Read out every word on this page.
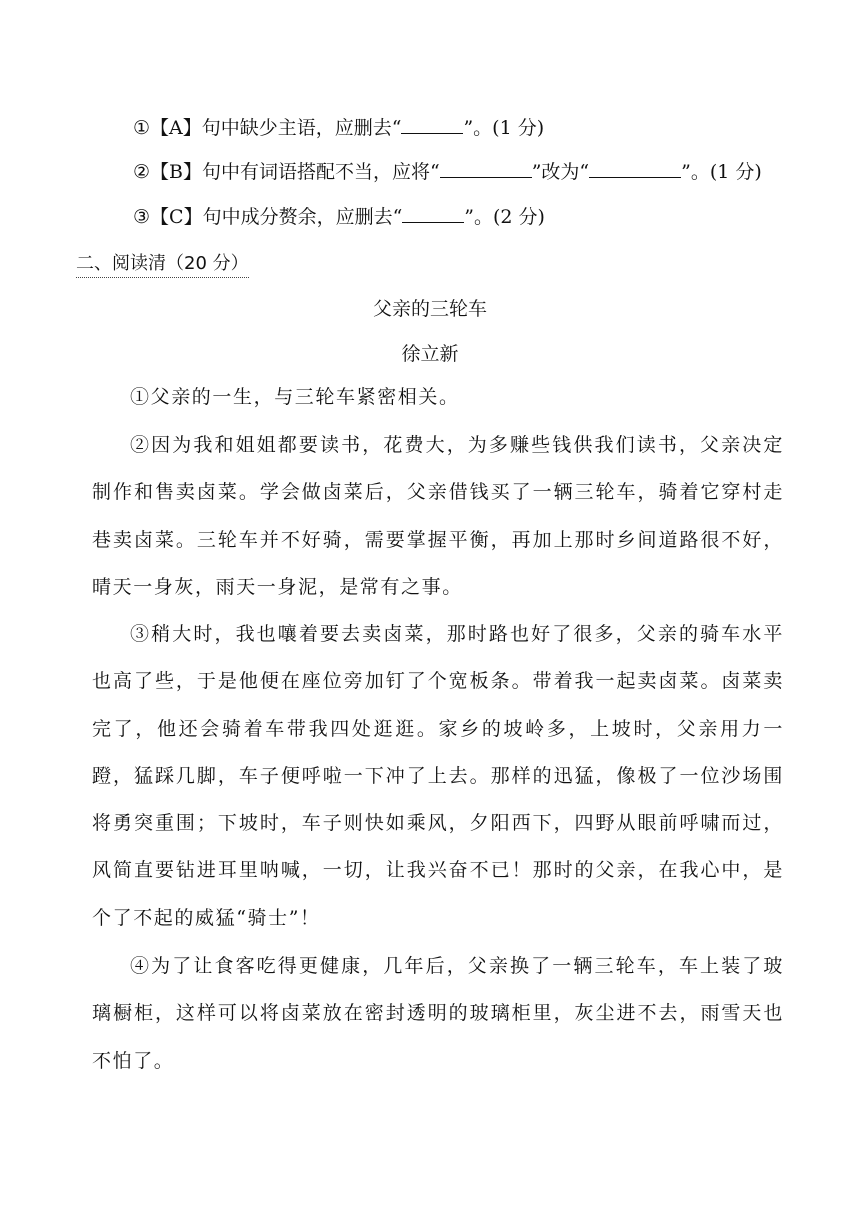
①【A】句中缺少主语，应删去“	”。(1 分)
②【B】句中有词语搭配不当，应将“	”改为“	”。(1 分)
③【C】句中成分赘余，应删去“	”。(2 分)
二、阅读清（20 分）
父亲的三轮车
徐立新

①父亲的一生，与三轮车紧密相关。

②因为我和姐姐都要读书，花费大，为多赚些钱供我们读书，父亲决定制作和售卖卤菜。学会做卤菜后，父亲借钱买了一辆三轮车，骑着它穿村走巷卖卤菜。三轮车并不好骑，需要掌握平衡，再加上那时乡间道路很不好，晴天一身灰，雨天一身泥，是常有之事。

③稍大时，我也嚷着要去卖卤菜，那时路也好了很多，父亲的骑车水平也高了些，于是他便在座位旁加钉了个宽板条。带着我一起卖卤菜。卤菜卖完了，他还会骑着车带我四处逛逛。家乡的坡岭多，上坡时，父亲用力一蹬，猛踩几脚，车子便呼啦一下冲了上去。那样的迅猛，像极了一位沙场围将勇突重围；下坡时，车子则快如乘风，夕阳西下，四野从眼前呼啸而过，风简直要钻进耳里呐喊，一切，让我兴奋不已！那时的父亲，在我心中，是个了不起的威猛“骑士”！

④为了让食客吃得更健康，几年后，父亲换了一辆三轮车，车上装了玻璃橱柜，这样可以将卤菜放在密封透明的玻璃柜里，灰尘进不去，雨雪天也不怕了。
